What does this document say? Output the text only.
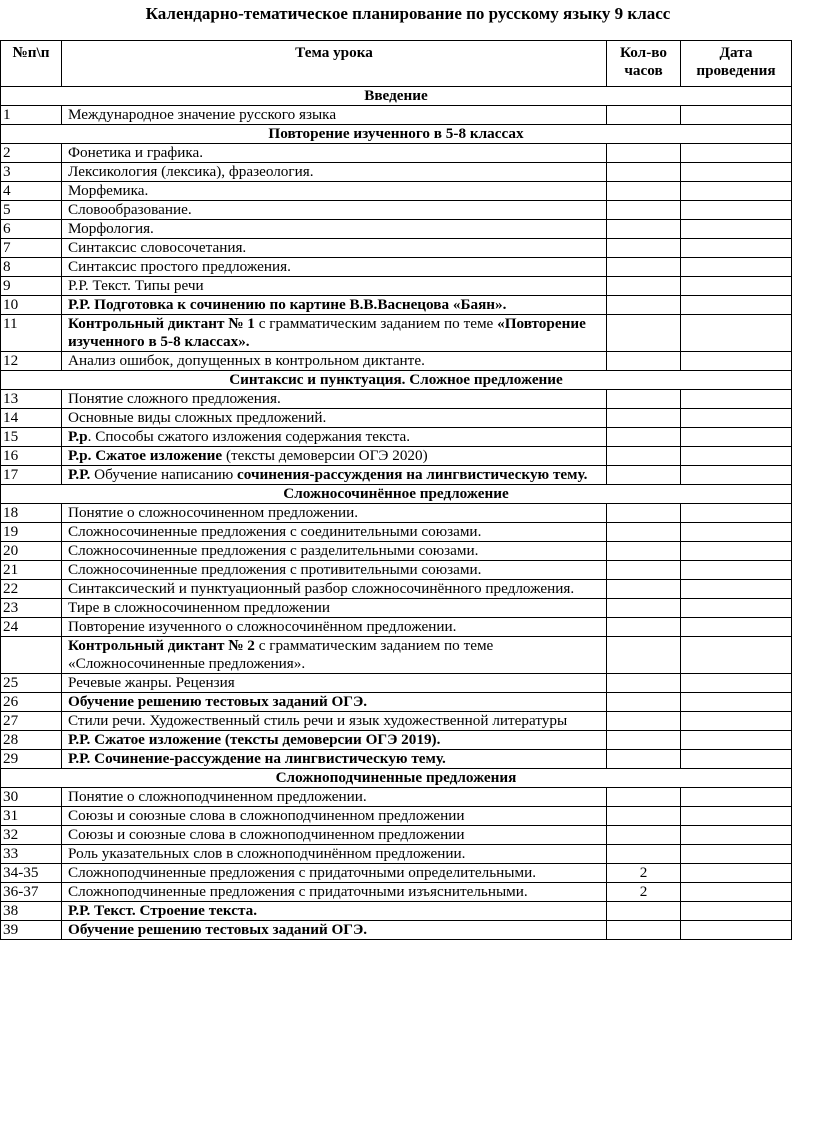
Календарно-тематическое планирование по русскому языку 9 класс
№п\п	Тема урока	Кол-во часов	Дата проведения
Введение			
1	Международное значение русского языка		
Повторение изученного в 5-8 классах			
2	Фонетика и графика.		
3	Лексикология (лексика), фразеология.		
4	Морфемика.		
5	Словообразование.		
6	Морфология.		
7	Синтаксис словосочетания.		
8	Синтаксис простого предложения.		
9	Р.Р. Текст. Типы речи		
10	Р.Р. Подготовка к сочинению по картине В.В.Васнецова «Баян».		
11	Контрольный диктант № 1 с грамматическим заданием по теме «Повторение изученного в 5-8 классах».		
12	Анализ ошибок, допущенных в контрольном диктанте.		
Синтаксис и пунктуация. Сложное предложение			
13	Понятие сложного предложения.		
14	Основные виды сложных предложений.		
15	Р.р. Способы сжатого изложения содержания текста.		
16	Р.р. Сжатое изложение (тексты демоверсии ОГЭ 2020)		
17	Р.Р. Обучение написанию сочинения-рассуждения на лингвистическую тему.		
Сложносочинённое предложение			
18	Понятие о сложносочиненном предложении.		
19	Сложносочиненные предложения с соединительными союзами.		
20	Сложносочиненные предложения с разделительными союзами.		
21	Сложносочиненные предложения с противительными союзами.		
22	Синтаксический и пунктуационный разбор сложносочинённого предложения.		
23	Тире в сложносочиненном предложении		
24	Повторение изученного о сложносочинённом предложении.		
	Контрольный диктант № 2 с грамматическим заданием по теме «Сложносочиненные предложения».		
25	Речевые жанры. Рецензия		
26	Обучение решению тестовых заданий ОГЭ.		
27	Стили речи. Художественный стиль речи и язык художественной литературы		
28	Р.Р. Сжатое изложение (тексты демоверсии ОГЭ 2019).		
29	Р.Р. Сочинение-рассуждение на лингвистическую тему.		
Сложноподчиненные предложения			
30	Понятие о сложноподчиненном предложении.		
31	Союзы и союзные слова в сложноподчиненном предложении		
32	Союзы и союзные слова в сложноподчиненном предложении		
33	Роль указательных слов в сложноподчинённом предложении.		
34-35	Сложноподчиненные предложения с придаточными определительными.	2	
36-37	Сложноподчиненные предложения с придаточными изъяснительными.	2	
38	Р.Р. Текст. Строение текста.		
39	Обучение решению тестовых заданий ОГЭ.		
